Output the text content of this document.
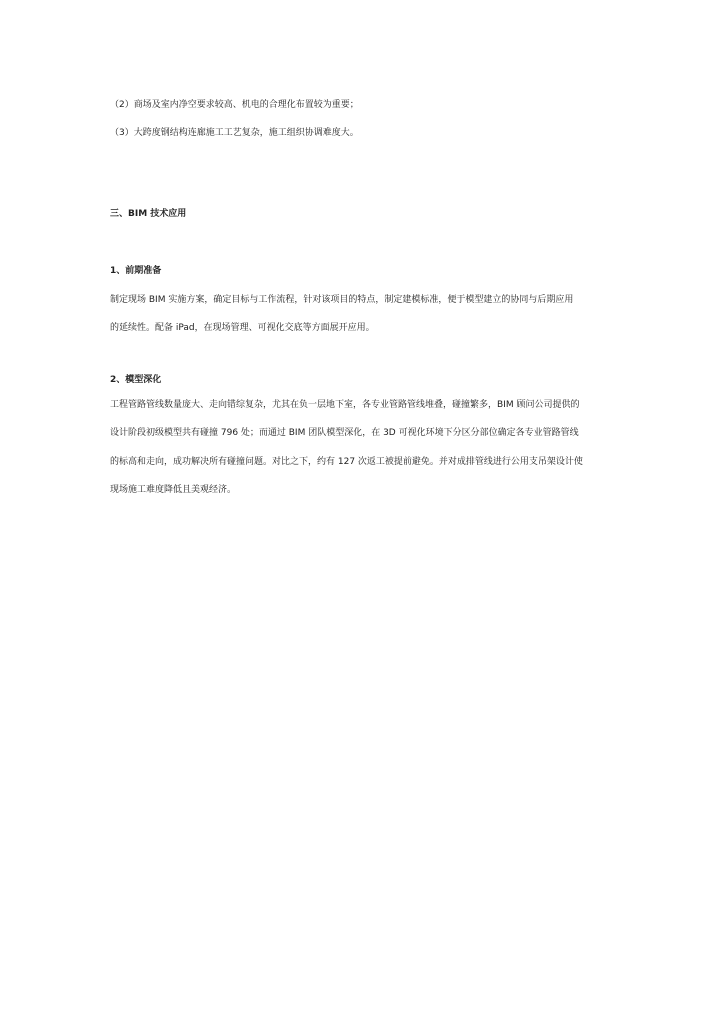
（2）商场及室内净空要求较高、机电的合理化布置较为重要；
（3）大跨度钢结构连廊施工工艺复杂，施工组织协调难度大。
三、BIM 技术应用
1、前期准备
制定现场 BIM 实施方案，确定目标与工作流程，针对该项目的特点，制定建模标准，便于模型建立的协同与后期应用
的延续性。配备 iPad，在现场管理、可视化交底等方面展开应用。
2、模型深化
工程管路管线数量庞大、走向错综复杂，尤其在负一层地下室，各专业管路管线堆叠，碰撞繁多，BIM 顾问公司提供的
设计阶段初级模型共有碰撞 796 处；而通过 BIM 团队模型深化，在 3D 可视化环境下分区分部位确定各专业管路管线
的标高和走向，成功解决所有碰撞问题。对比之下，约有 127 次返工被提前避免。并对成排管线进行公用支吊架设计使
现场施工难度降低且美观经济。
